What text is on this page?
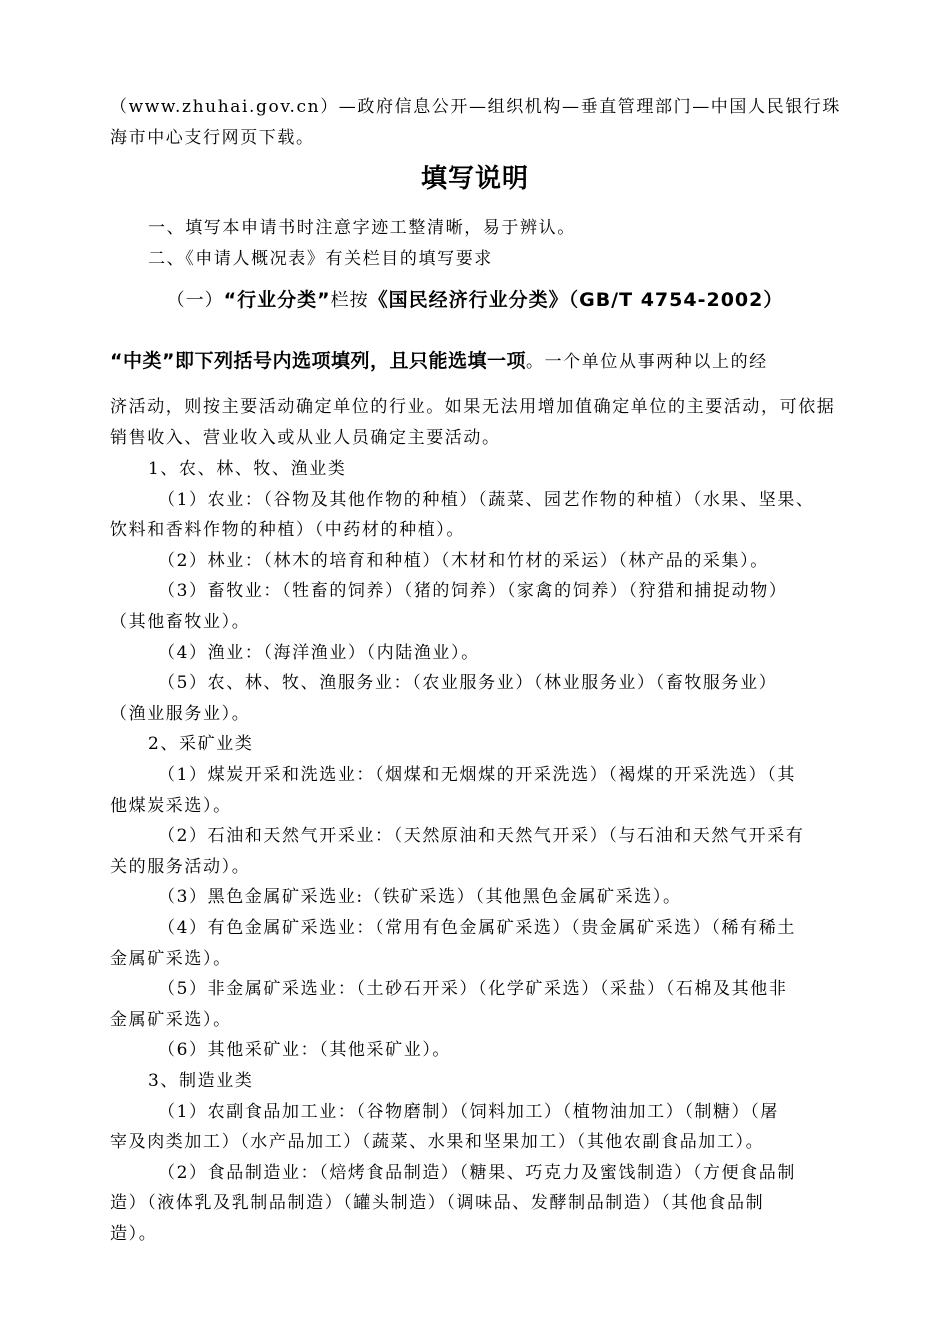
（www.zhuhai.gov.cn）—政府信息公开—组织机构—垂直管理部门—中国人民银行珠
海市中心支行网页下载。
填写说明
一、填写本申请书时注意字迹工整清晰，易于辨认。
二、《申请人概况表》有关栏目的填写要求
（一）“行业分类”栏按《国民经济行业分类》（GB/T 4754-2002）
“中类”即下列括号内选项填列，且只能选填一项。一个单位从事两种以上的经
济活动，则按主要活动确定单位的行业。如果无法用增加值确定单位的主要活动，可依据
销售收入、营业收入或从业人员确定主要活动。
1、农、林、牧、渔业类
（1）农业：（谷物及其他作物的种植）（蔬菜、园艺作物的种植）（水果、坚果、
饮料和香料作物的种植）（中药材的种植）。
（2）林业：（林木的培育和种植）（木材和竹材的采运）（林产品的采集）。
（3）畜牧业：（牲畜的饲养）（猪的饲养）（家禽的饲养）（狩猎和捕捉动物）
（其他畜牧业）。
（4）渔业：（海洋渔业）（内陆渔业）。
（5）农、林、牧、渔服务业：（农业服务业）（林业服务业）（畜牧服务业）
（渔业服务业）。
2、采矿业类
（1）煤炭开采和洗选业：（烟煤和无烟煤的开采洗选）（褐煤的开采洗选）（其
他煤炭采选）。
（2）石油和天然气开采业：（天然原油和天然气开采）（与石油和天然气开采有
关的服务活动）。
（3）黑色金属矿采选业:（铁矿采选）（其他黑色金属矿采选）。
（4）有色金属矿采选业：（常用有色金属矿采选）（贵金属矿采选）（稀有稀土
金属矿采选）。
（5）非金属矿采选业：（土砂石开采）（化学矿采选）（采盐）（石棉及其他非
金属矿采选）。
（6）其他采矿业：（其他采矿业）。
3、制造业类
（1）农副食品加工业：（谷物磨制）（饲料加工）（植物油加工）（制糖）（屠
宰及肉类加工）（水产品加工）（蔬菜、水果和坚果加工）（其他农副食品加工）。
（2）食品制造业：（焙烤食品制造）（糖果、巧克力及蜜饯制造）（方便食品制
造）（液体乳及乳制品制造）（罐头制造）（调味品、发酵制品制造）（其他食品制
造）。
